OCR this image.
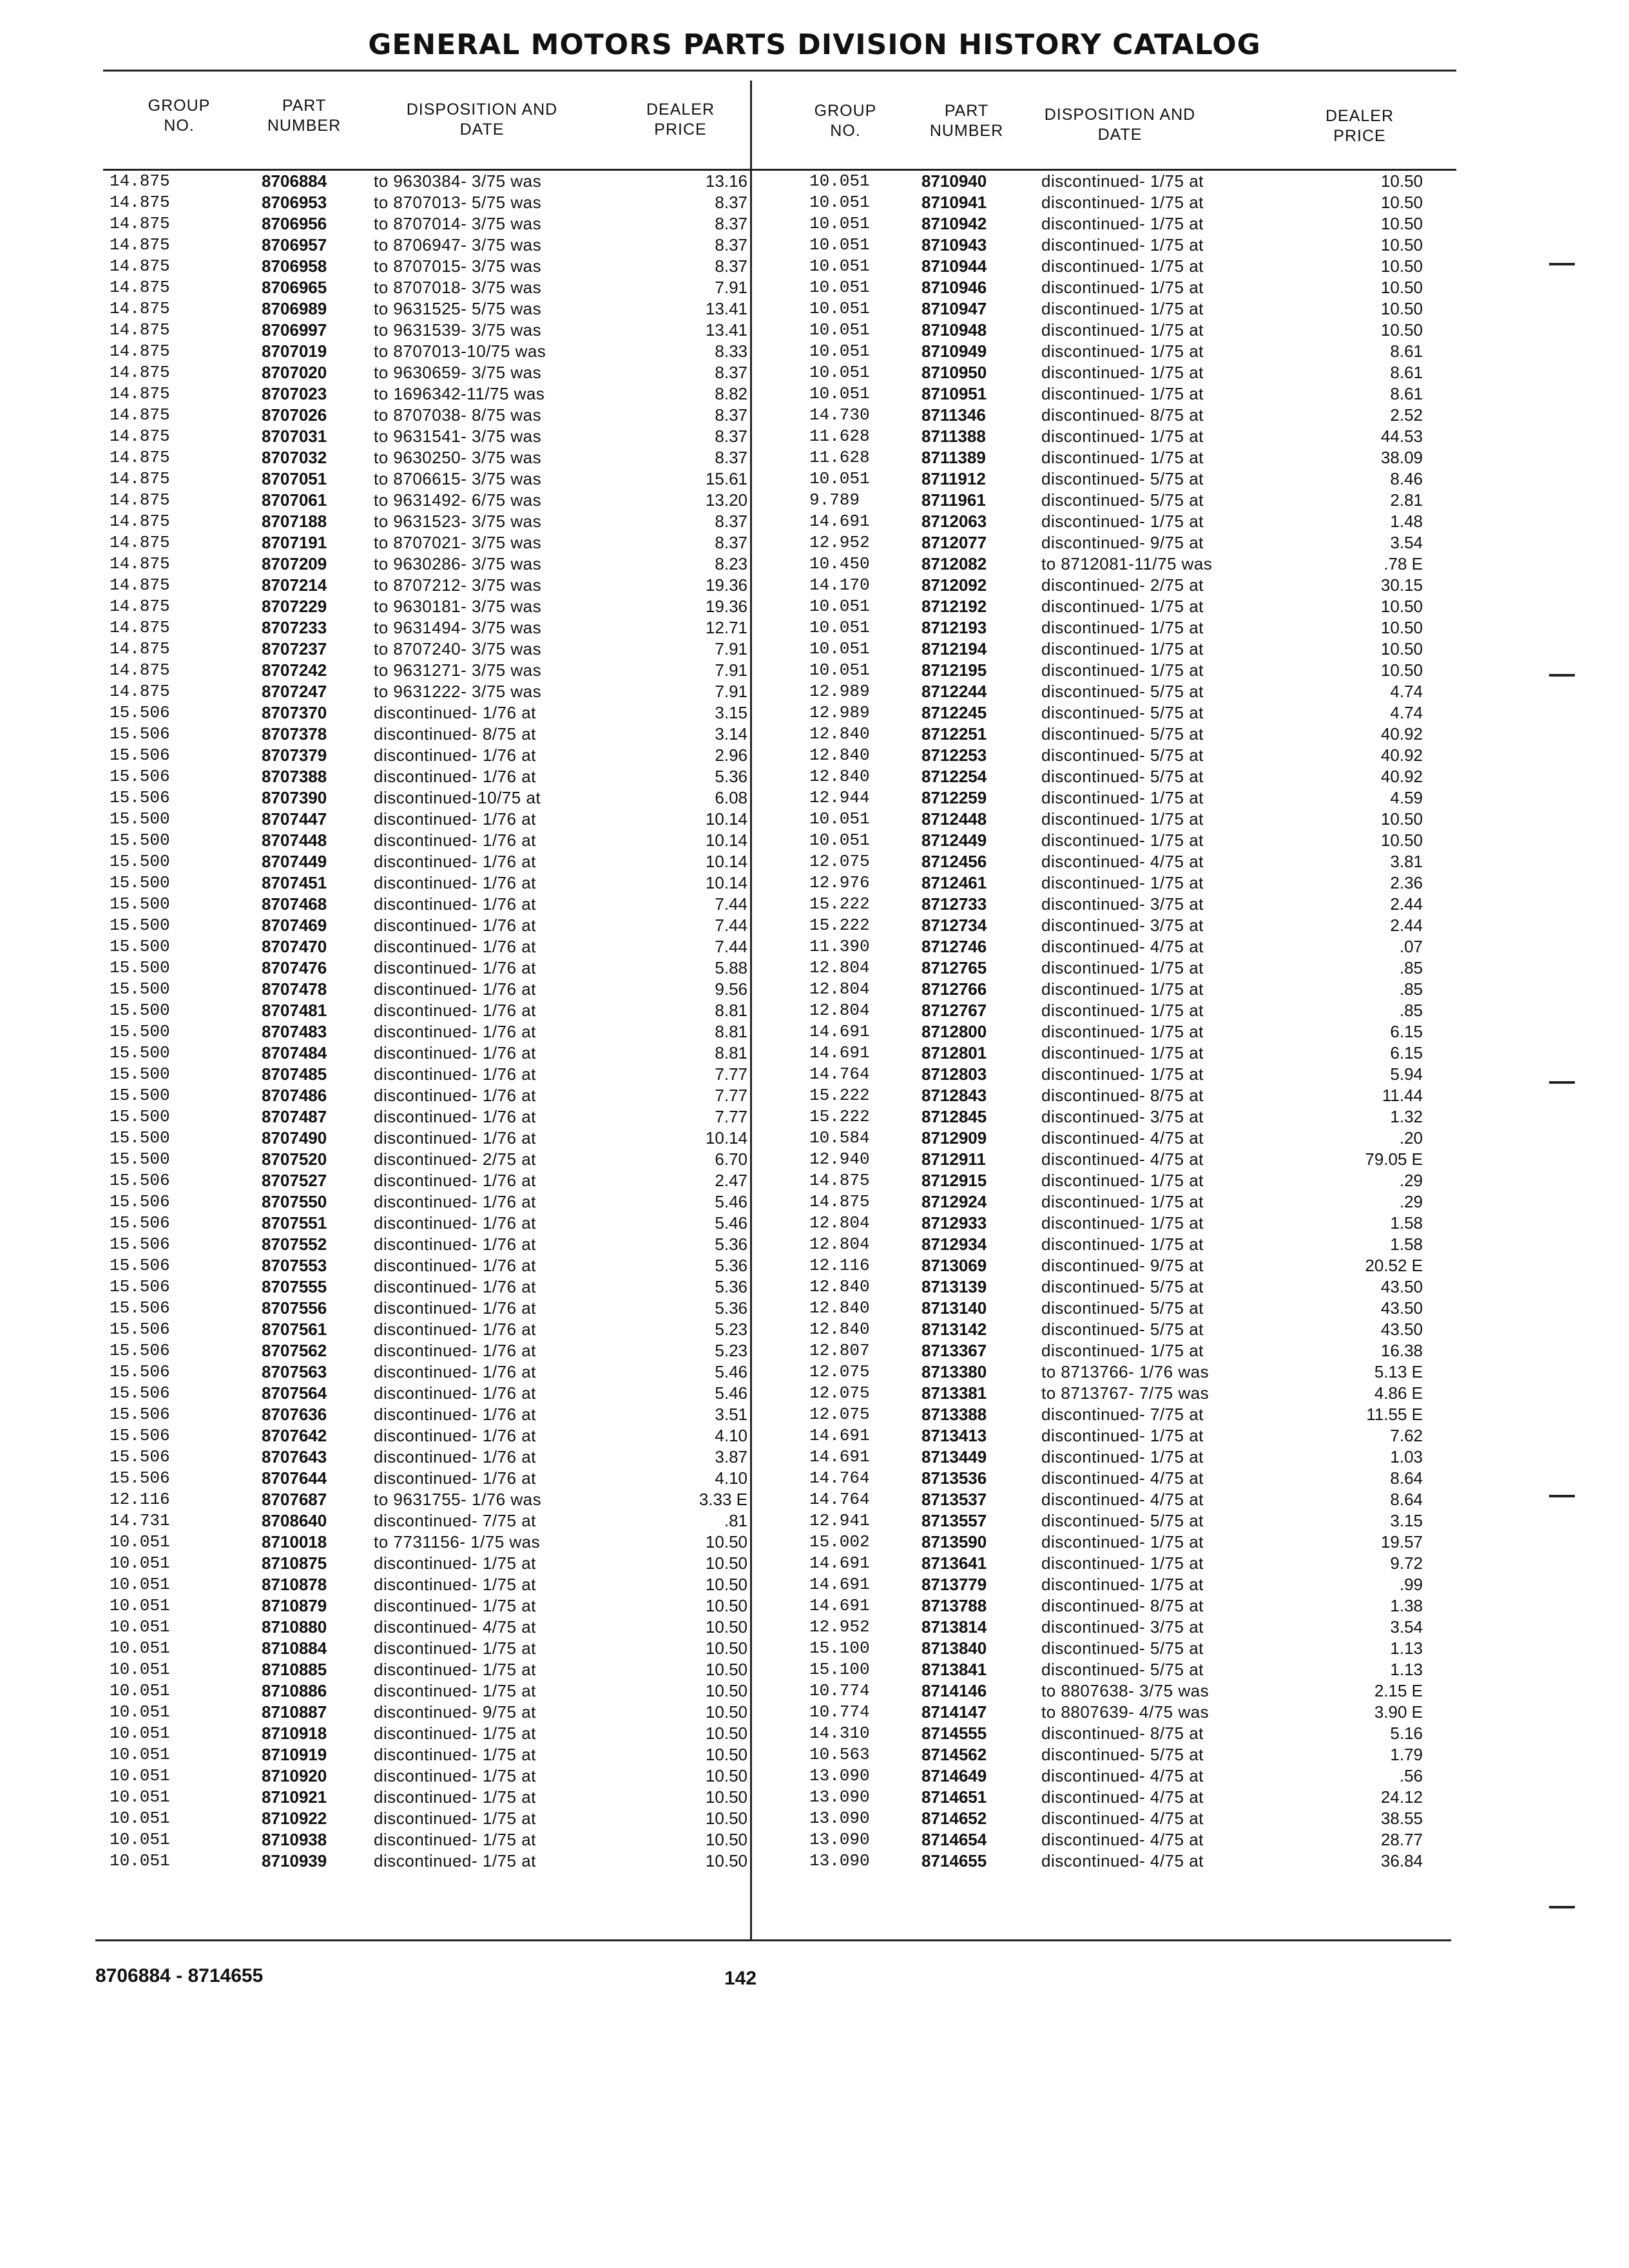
GENERAL MOTORS PARTS DIVISION HISTORY CATALOG
GROUP NO.
PART NUMBER
DISPOSITION AND DATE
DEALER PRICE
14.875	8706884	to 9630384- 3/75 was	13.16
14.875	8706953	to 8707013- 5/75 was	8.37
14.875	8706956	to 8707014- 3/75 was	8.37
14.875	8706957	to 8706947- 3/75 was	8.37
14.875	8706958	to 8707015- 3/75 was	8.37
14.875	8706965	to 8707018- 3/75 was	7.91
14.875	8706989	to 9631525- 5/75 was	13.41
14.875	8706997	to 9631539- 3/75 was	13.41
14.875	8707019	to 8707013-10/75 was	8.33
14.875	8707020	to 9630659- 3/75 was	8.37
14.875	8707023	to 1696342-11/75 was	8.82
14.875	8707026	to 8707038- 8/75 was	8.37
14.875	8707031	to 9631541- 3/75 was	8.37
14.875	8707032	to 9630250- 3/75 was	8.37
14.875	8707051	to 8706615- 3/75 was	15.61
14.875	8707061	to 9631492- 6/75 was	13.20
14.875	8707188	to 9631523- 3/75 was	8.37
14.875	8707191	to 8707021- 3/75 was	8.37
14.875	8707209	to 9630286- 3/75 was	8.23
14.875	8707214	to 8707212- 3/75 was	19.36
14.875	8707229	to 9630181- 3/75 was	19.36
14.875	8707233	to 9631494- 3/75 was	12.71
14.875	8707237	to 8707240- 3/75 was	7.91
14.875	8707242	to 9631271- 3/75 was	7.91
14.875	8707247	to 9631222- 3/75 was	7.91
15.506	8707370	discontinued- 1/76 at	3.15
15.506	8707378	discontinued- 8/75 at	3.14
15.506	8707379	discontinued- 1/76 at	2.96
15.506	8707388	discontinued- 1/76 at	5.36
15.506	8707390	discontinued-10/75 at	6.08
15.500	8707447	discontinued- 1/76 at	10.14
15.500	8707448	discontinued- 1/76 at	10.14
15.500	8707449	discontinued- 1/76 at	10.14
15.500	8707451	discontinued- 1/76 at	10.14
15.500	8707468	discontinued- 1/76 at	7.44
15.500	8707469	discontinued- 1/76 at	7.44
15.500	8707470	discontinued- 1/76 at	7.44
15.500	8707476	discontinued- 1/76 at	5.88
15.500	8707478	discontinued- 1/76 at	9.56
15.500	8707481	discontinued- 1/76 at	8.81
15.500	8707483	discontinued- 1/76 at	8.81
15.500	8707484	discontinued- 1/76 at	8.81
15.500	8707485	discontinued- 1/76 at	7.77
15.500	8707486	discontinued- 1/76 at	7.77
15.500	8707487	discontinued- 1/76 at	7.77
15.500	8707490	discontinued- 1/76 at	10.14
15.500	8707520	discontinued- 2/75 at	6.70
15.506	8707527	discontinued- 1/76 at	2.47
15.506	8707550	discontinued- 1/76 at	5.46
15.506	8707551	discontinued- 1/76 at	5.46
15.506	8707552	discontinued- 1/76 at	5.36
15.506	8707553	discontinued- 1/76 at	5.36
15.506	8707555	discontinued- 1/76 at	5.36
15.506	8707556	discontinued- 1/76 at	5.36
15.506	8707561	discontinued- 1/76 at	5.23
15.506	8707562	discontinued- 1/76 at	5.23
15.506	8707563	discontinued- 1/76 at	5.46
15.506	8707564	discontinued- 1/76 at	5.46
15.506	8707636	discontinued- 1/76 at	3.51
15.506	8707642	discontinued- 1/76 at	4.10
15.506	8707643	discontinued- 1/76 at	3.87
15.506	8707644	discontinued- 1/76 at	4.10
12.116	8707687	to 9631755- 1/76 was	3.33 E
14.731	8708640	discontinued- 7/75 at	.81
10.051	8710018	to 7731156- 1/75 was	10.50
10.051	8710875	discontinued- 1/75 at	10.50
10.051	8710878	discontinued- 1/75 at	10.50
10.051	8710879	discontinued- 1/75 at	10.50
10.051	8710880	discontinued- 4/75 at	10.50
10.051	8710884	discontinued- 1/75 at	10.50
10.051	8710885	discontinued- 1/75 at	10.50
10.051	8710886	discontinued- 1/75 at	10.50
10.051	8710887	discontinued- 9/75 at	10.50
10.051	8710918	discontinued- 1/75 at	10.50
10.051	8710919	discontinued- 1/75 at	10.50
10.051	8710920	discontinued- 1/75 at	10.50
10.051	8710921	discontinued- 1/75 at	10.50
10.051	8710922	discontinued- 1/75 at	10.50
10.051	8710938	discontinued- 1/75 at	10.50
10.051	8710939	discontinued- 1/75 at	10.50
GROUP NO.
PART NUMBER
DISPOSITION AND DATE
DEALER PRICE
10.051	8710940	discontinued- 1/75 at	10.50
10.051	8710941	discontinued- 1/75 at	10.50
10.051	8710942	discontinued- 1/75 at	10.50
10.051	8710943	discontinued- 1/75 at	10.50
10.051	8710944	discontinued- 1/75 at	10.50
10.051	8710946	discontinued- 1/75 at	10.50
10.051	8710947	discontinued- 1/75 at	10.50
10.051	8710948	discontinued- 1/75 at	10.50
10.051	8710949	discontinued- 1/75 at	8.61
10.051	8710950	discontinued- 1/75 at	8.61
10.051	8710951	discontinued- 1/75 at	8.61
14.730	8711346	discontinued- 8/75 at	2.52
11.628	8711388	discontinued- 1/75 at	44.53
11.628	8711389	discontinued- 1/75 at	38.09
10.051	8711912	discontinued- 5/75 at	8.46
9.789	8711961	discontinued- 5/75 at	2.81
14.691	8712063	discontinued- 1/75 at	1.48
12.952	8712077	discontinued- 9/75 at	3.54
10.450	8712082	to 8712081-11/75 was	.78 E
14.170	8712092	discontinued- 2/75 at	30.15
10.051	8712192	discontinued- 1/75 at	10.50
10.051	8712193	discontinued- 1/75 at	10.50
10.051	8712194	discontinued- 1/75 at	10.50
10.051	8712195	discontinued- 1/75 at	10.50
12.989	8712244	discontinued- 5/75 at	4.74
12.989	8712245	discontinued- 5/75 at	4.74
12.840	8712251	discontinued- 5/75 at	40.92
12.840	8712253	discontinued- 5/75 at	40.92
12.840	8712254	discontinued- 5/75 at	40.92
12.944	8712259	discontinued- 1/75 at	4.59
10.051	8712448	discontinued- 1/75 at	10.50
10.051	8712449	discontinued- 1/75 at	10.50
12.075	8712456	discontinued- 4/75 at	3.81
12.976	8712461	discontinued- 1/75 at	2.36
15.222	8712733	discontinued- 3/75 at	2.44
15.222	8712734	discontinued- 3/75 at	2.44
11.390	8712746	discontinued- 4/75 at	.07
12.804	8712765	discontinued- 1/75 at	.85
12.804	8712766	discontinued- 1/75 at	.85
12.804	8712767	discontinued- 1/75 at	.85
14.691	8712800	discontinued- 1/75 at	6.15
14.691	8712801	discontinued- 1/75 at	6.15
14.764	8712803	discontinued- 1/75 at	5.94
15.222	8712843	discontinued- 8/75 at	11.44
15.222	8712845	discontinued- 3/75 at	1.32
10.584	8712909	discontinued- 4/75 at	.20
12.940	8712911	discontinued- 4/75 at	79.05 E
14.875	8712915	discontinued- 1/75 at	.29
14.875	8712924	discontinued- 1/75 at	.29
12.804	8712933	discontinued- 1/75 at	1.58
12.804	8712934	discontinued- 1/75 at	1.58
12.116	8713069	discontinued- 9/75 at	20.52 E
12.840	8713139	discontinued- 5/75 at	43.50
12.840	8713140	discontinued- 5/75 at	43.50
12.840	8713142	discontinued- 5/75 at	43.50
12.807	8713367	discontinued- 1/75 at	16.38
12.075	8713380	to 8713766- 1/76 was	5.13 E
12.075	8713381	to 8713767- 7/75 was	4.86 E
12.075	8713388	discontinued- 7/75 at	11.55 E
14.691	8713413	discontinued- 1/75 at	7.62
14.691	8713449	discontinued- 1/75 at	1.03
14.764	8713536	discontinued- 4/75 at	8.64
14.764	8713537	discontinued- 4/75 at	8.64
12.941	8713557	discontinued- 5/75 at	3.15
15.002	8713590	discontinued- 1/75 at	19.57
14.691	8713641	discontinued- 1/75 at	9.72
14.691	8713779	discontinued- 1/75 at	.99
14.691	8713788	discontinued- 8/75 at	1.38
12.952	8713814	discontinued- 3/75 at	3.54
15.100	8713840	discontinued- 5/75 at	1.13
15.100	8713841	discontinued- 5/75 at	1.13
10.774	8714146	to 8807638- 3/75 was	2.15 E
10.774	8714147	to 8807639- 4/75 was	3.90 E
14.310	8714555	discontinued- 8/75 at	5.16
10.563	8714562	discontinued- 5/75 at	1.79
13.090	8714649	discontinued- 4/75 at	.56
13.090	8714651	discontinued- 4/75 at	24.12
13.090	8714652	discontinued- 4/75 at	38.55
13.090	8714654	discontinued- 4/75 at	28.77
13.090	8714655	discontinued- 4/75 at	36.84
8706884 - 8714655	142
